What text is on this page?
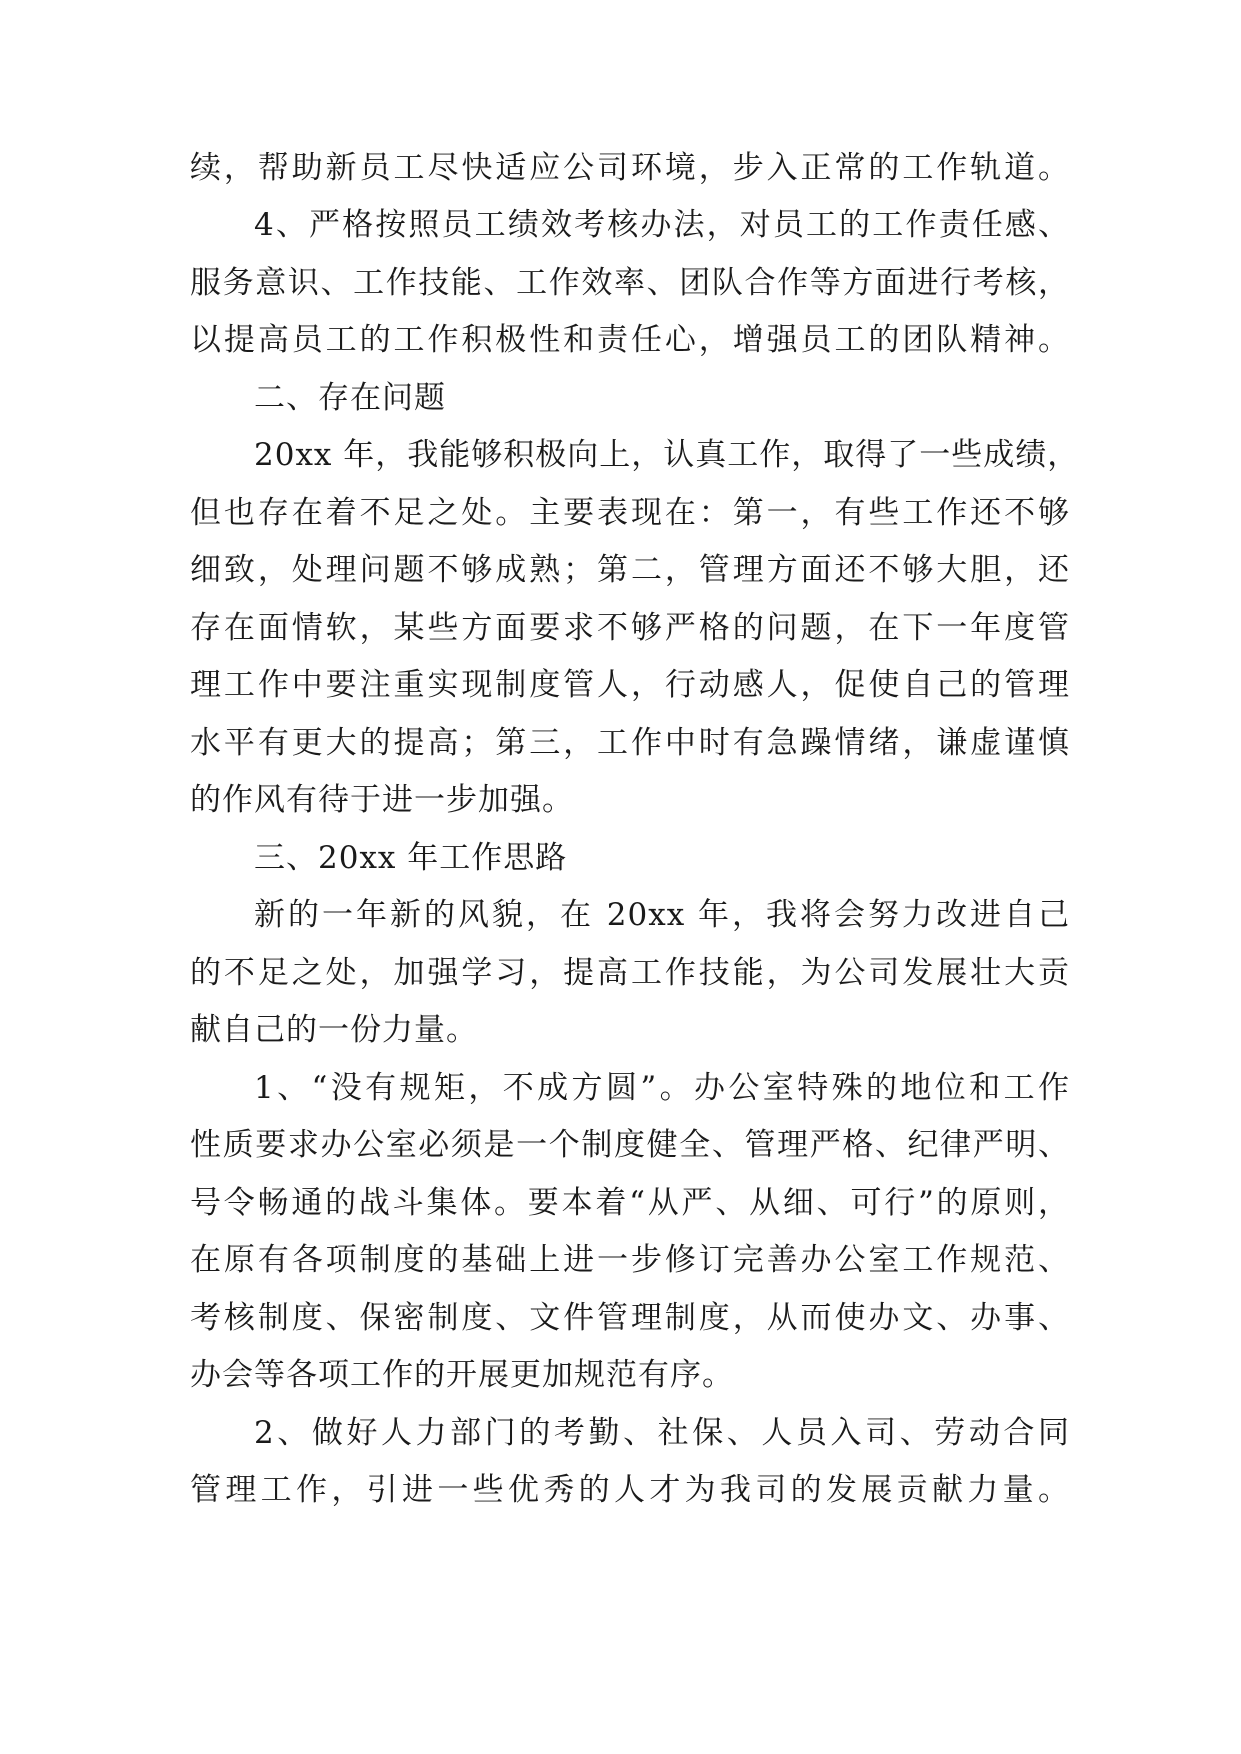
续，帮助新员工尽快适应公司环境，步入正常的工作轨道。

4、严格按照员工绩效考核办法，对员工的工作责任感、

服务意识、工作技能、工作效率、团队合作等方面进行考核，

以提高员工的工作积极性和责任心，增强员工的团队精神。

二、存在问题

20xx 年，我能够积极向上，认真工作，取得了一些成绩，

但也存在着不足之处。主要表现在：第一，有些工作还不够

细致，处理问题不够成熟；第二，管理方面还不够大胆，还

存在面情软，某些方面要求不够严格的问题，在下一年度管

理工作中要注重实现制度管人，行动感人，促使自己的管理

水平有更大的提高；第三，工作中时有急躁情绪，谦虚谨慎

的作风有待于进一步加强。

三、20xx 年工作思路

新的一年新的风貌，在 20xx 年，我将会努力改进自己

的不足之处，加强学习，提高工作技能，为公司发展壮大贡

献自己的一份力量。

1、“没有规矩，不成方圆”。办公室特殊的地位和工作

性质要求办公室必须是一个制度健全、管理严格、纪律严明、

号令畅通的战斗集体。要本着“从严、从细、可行”的原则，

在原有各项制度的基础上进一步修订完善办公室工作规范、

考核制度、保密制度、文件管理制度，从而使办文、办事、

办会等各项工作的开展更加规范有序。

2、做好人力部门的考勤、社保、人员入司、劳动合同

管理工作，引进一些优秀的人才为我司的发展贡献力量。
